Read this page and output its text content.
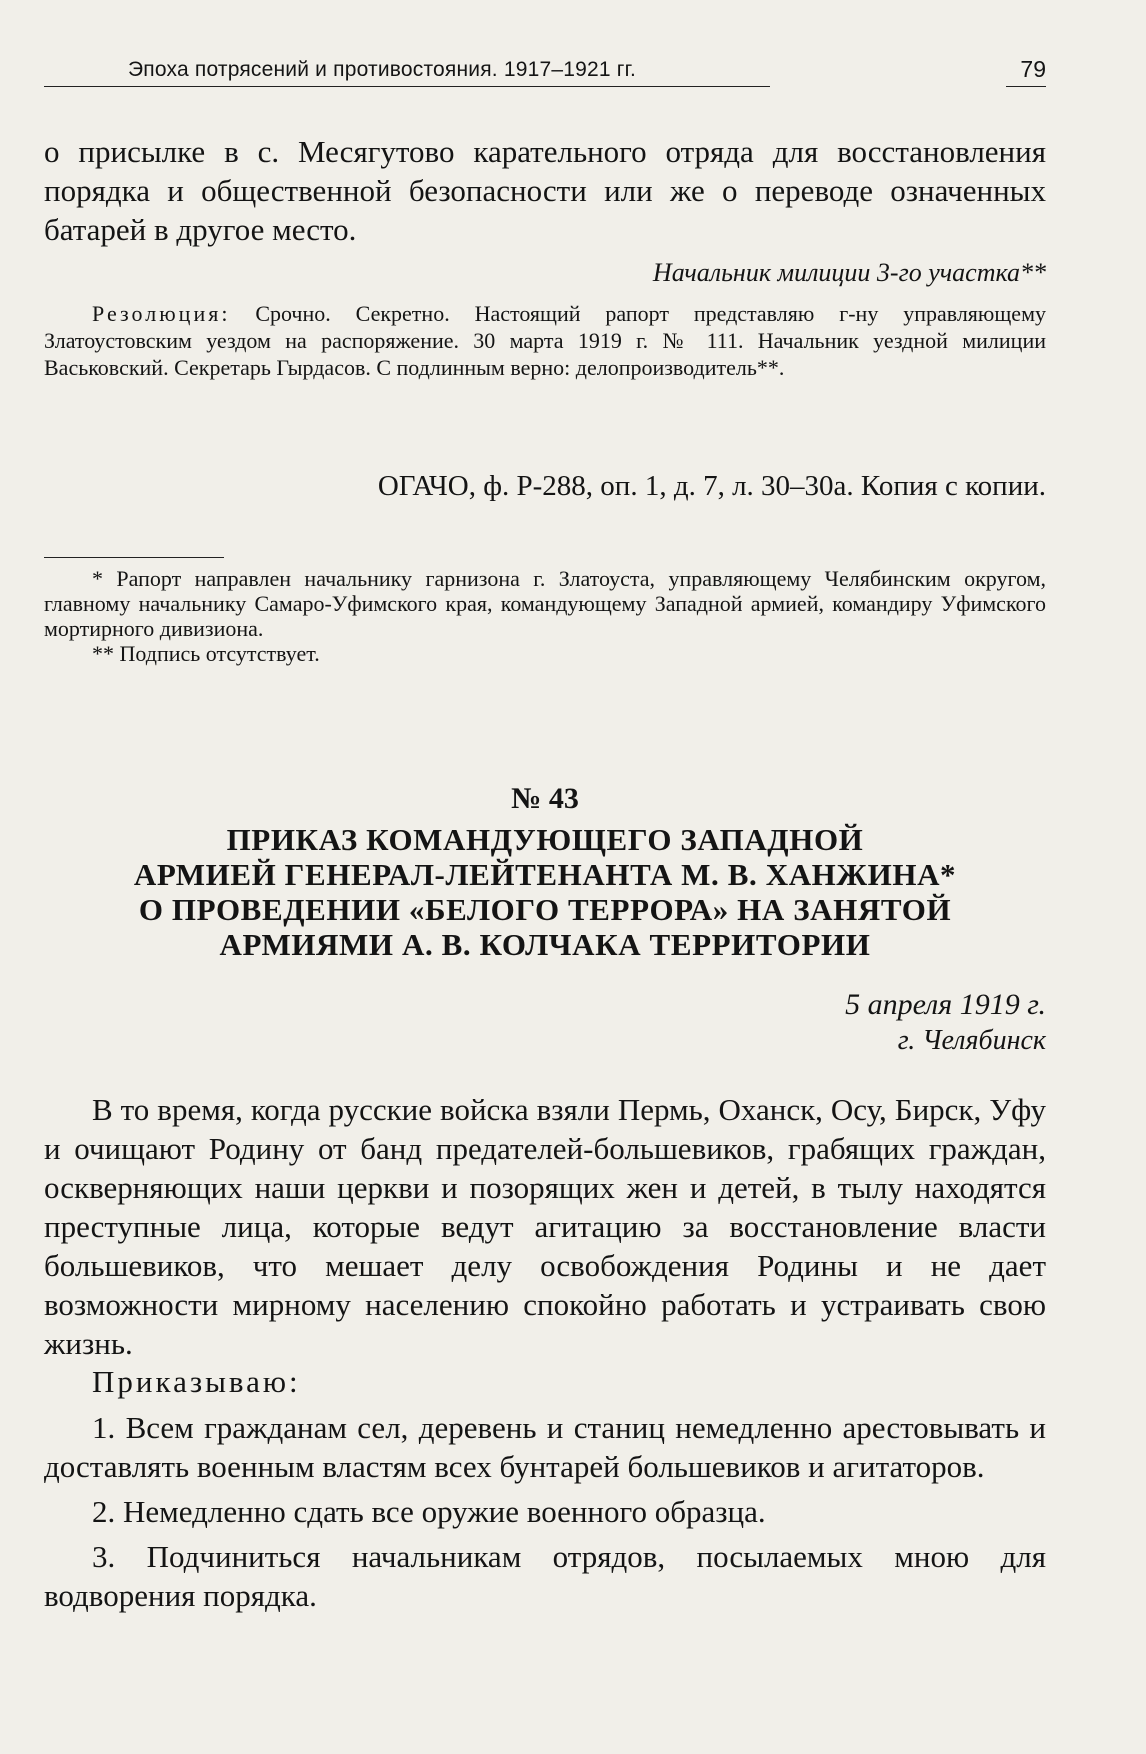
Эпоха потрясений и противостояния. 1917–1921 гг.	79

о присылке в с. Месягутово карательного отряда для восстановления порядка и общественной безопасности или же о переводе означенных батарей в другое место.

Начальник милиции 3-го участка**

Резолюция: Срочно. Секретно. Настоящий рапорт представляю г-ну управляющему Златоустовским уездом на распоряжение. 30 марта 1919 г. № 111. Начальник уездной милиции Васьковский. Секретарь Гырдасов. С подлинным верно: делопроизводитель**.

ОГАЧО, ф. Р-288, оп. 1, д. 7, л. 30–30а. Копия с копии.

* Рапорт направлен начальнику гарнизона г. Златоуста, управляющему Челябинским округом, главному начальнику Самаро-Уфимского края, командующему Западной армией, командиру Уфимского мортирного дивизиона.

** Подпись отсутствует.

№ 43

ПРИКАЗ КОМАНДУЮЩЕГО ЗАПАДНОЙ

АРМИЕЙ ГЕНЕРАЛ-ЛЕЙТЕНАНТА М. В. ХАНЖИНА*

О ПРОВЕДЕНИИ «БЕЛОГО ТЕРРОРА» НА ЗАНЯТОЙ

АРМИЯМИ А. В. КОЛЧАКА ТЕРРИТОРИИ

5 апреля 1919 г.
г. Челябинск

В то время, когда русские войска взяли Пермь, Оханск, Осу, Бирск, Уфу и очищают Родину от банд предателей-большевиков, грабящих граждан, оскверняющих наши церкви и позорящих жен и детей, в тылу находятся преступные лица, которые ведут агитацию за восстановление власти большевиков, что мешает делу освобождения Родины и не дает возможности мирному населению спокойно работать и устраивать свою жизнь.

Приказываю:

1. Всем гражданам сел, деревень и станиц немедленно арестовывать и доставлять военным властям всех бунтарей большевиков и агитаторов.

2. Немедленно сдать все оружие военного образца.

3. Подчиниться начальникам отрядов, посылаемых мною для водворения порядка.
